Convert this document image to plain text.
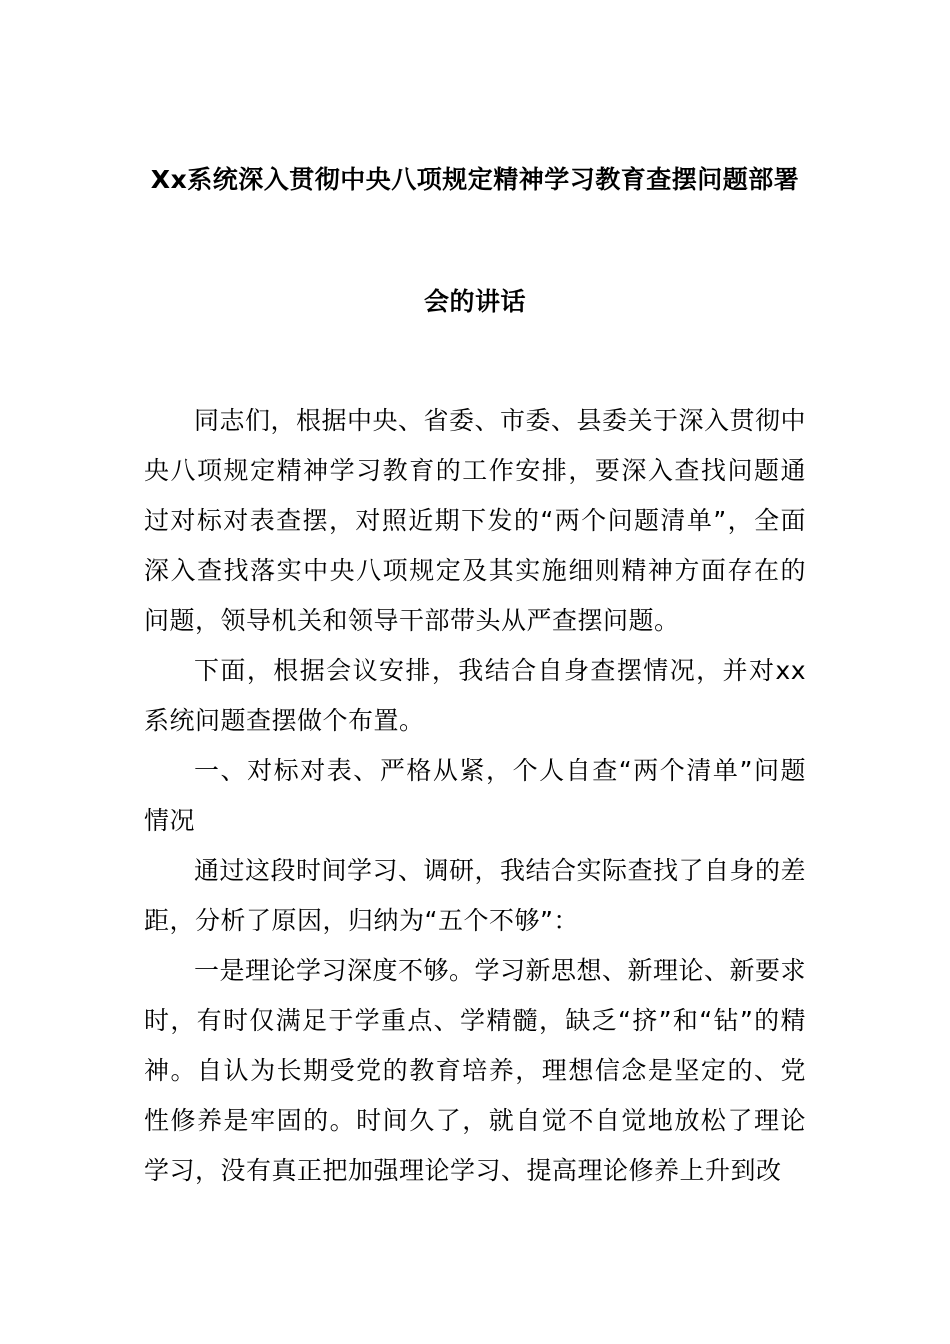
Xx系统深入贯彻中央八项规定精神学习教育查摆问题部署
会的讲话

同志们，根据中央、省委、市委、县委关于深入贯彻中央八项规定精神学习教育的工作安排，要深入查找问题通过对标对表查摆，对照近期下发的“两个问题清单”，全面深入查找落实中央八项规定及其实施细则精神方面存在的问题，领导机关和领导干部带头从严查摆问题。

下面，根据会议安排，我结合自身查摆情况，并对xx系统问题查摆做个布置。

一、对标对表、严格从紧，个人自查“两个清单”问题情况

通过这段时间学习、调研，我结合实际查找了自身的差距，分析了原因，归纳为“五个不够”：

一是理论学习深度不够。学习新思想、新理论、新要求时，有时仅满足于学重点、学精髓，缺乏“挤”和“钻”的精神。自认为长期受党的教育培养，理想信念是坚定的、党性修养是牢固的。时间久了，就自觉不自觉地放松了理论学习，没有真正把加强理论学习、提高理论修养上升到改
